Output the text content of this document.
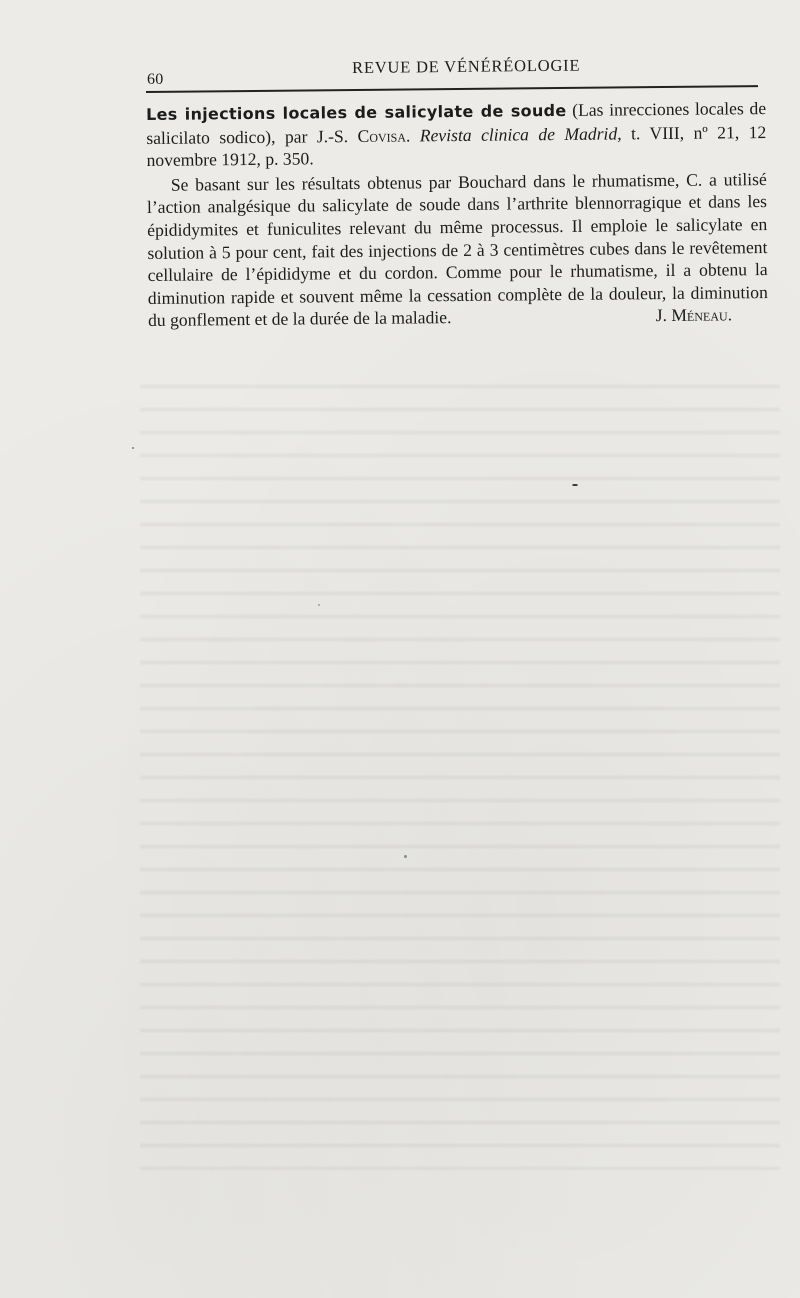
60
REVUE DE VÉNÉRÉOLOGIE

Les injections locales de salicylate de soude (Las inrecciones locales de salicilato sodico), par J.-S. Covisa. Revista clinica de Madrid, t. VIII, nº 21, 12 novembre 1912, p. 350.

Se basant sur les résultats obtenus par Bouchard dans le rhumatisme, C. a utilisé l’action analgésique du salicylate de soude dans l’arthrite blennorragique et dans les épididymites et funiculites relevant du même processus. Il emploie le salicylate en solution à 5 pour cent, fait des injections de 2 à 3 centimètres cubes dans le revêtement cellulaire de l’épididyme et du cordon. Comme pour le rhumatisme, il a obtenu la diminution rapide et souvent même la cessation complète de la douleur, la diminution du gonflement et de la durée de la maladie.	J. Méneau.
